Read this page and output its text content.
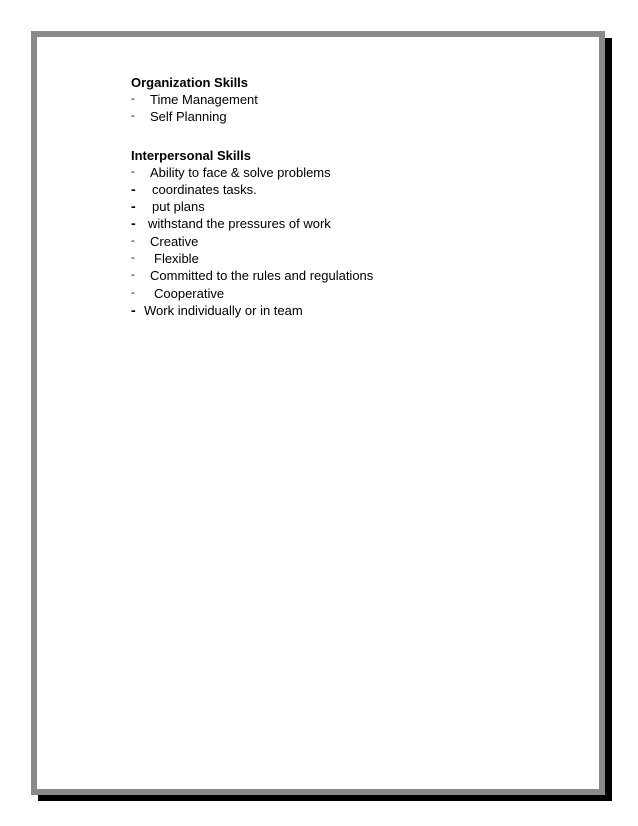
Organization Skills
- Time Management
- Self Planning
Interpersonal Skills
- Ability to face & solve problems
- coordinates tasks.
- put plans
- withstand the pressures of work
- Creative
- Flexible
- Committed to the rules and regulations
- Cooperative
- Work individually or in team
